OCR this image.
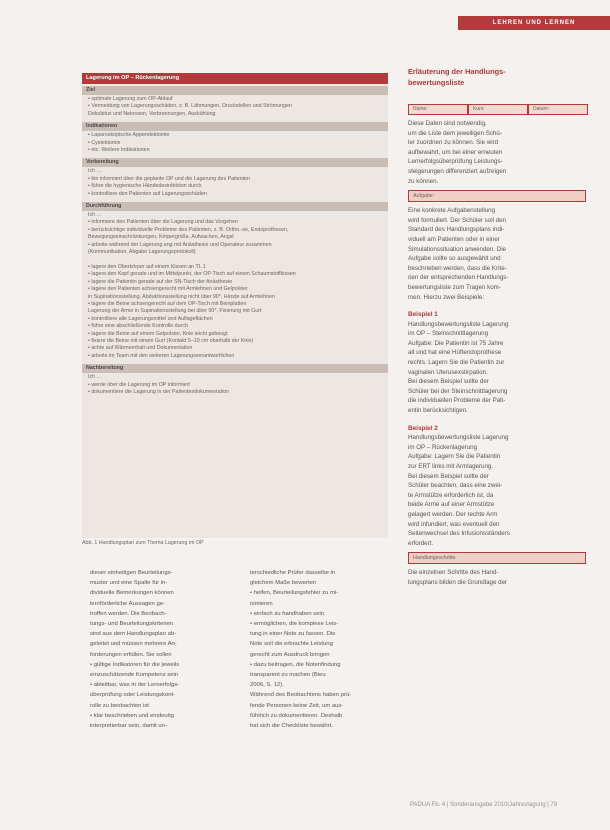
LEHREN UND LERNEN
Lagerung im OP – Rückenlagerung
Ziel
• optimale Lagerung zum OP-Ablauf
• Vermeidung von Lagerungsschäden, z. B. Lähmungen, Druckstellen und Strömungen
Dekubitus und Nekrosen, Verbrennungen, Auskühlung
Indikationen
• Laparoskopische Appendektomie
• Cystektomie
• etc. Weitere Indikationen
Vorbereitung
Ich ...
• bin informiert über die geplante OP und die Lagerung des Patienten
• führe die hygienische Händedesinfektion durch
• kontrolliere den Patienten auf Lagerungsschäden
Durchführung
Ich ...
• informiere den Patienten über die Lagerung und das Vorgehen
• berücksichtige individuelle Probleme des Patienten, z. B. Ortho.-se, Endoprothesen,
Bewegungseinschränkungen, Körpergröße, Aufwachen, Angst
• arbeite während der Lagerung eng mit Anästhesie und Operateur zusammen
(Kommunikation, Abgabe Lagerungsprotokoll)

• lagere den Oberkörper auf einem Kissen an TL 1
• lagere den Kopf gerade und im Mittelpunkt, der OP-Tisch auf einem Schaumstoffkissen
• lagere die Patientin gerade auf der SN-Tisch der Anästhesie
• lagere den Patienten achsengerecht mit Armlehnen und Gelpolster
in Supinationsstellung, Abduktionsstellung nicht über 90°, Hände auf Armlehnen
• lagere die Beine achsengerecht auf dem OP-Tisch mit Beinplatten
Lagerung der Arme in Supinationsstellung bei über 90°, Fixierung mit Gurt
• kontrolliere alle Lagerungsmittel und Auflageflächen
• führe eine abschließende Kontrolle durch
• lagere die Beine auf einem Gelpolster, Knie leicht gebeugt
• fixiere die Beine mit einem Gurt (Kontakt 5–10 cm oberhalb der Knie)
• achte auf Wärmeerhalt und Dokumentation
• arbeite im Team mit den weiteren Lagerungsverantwortlichen
Nachbereitung
Ich ...
• werde über die Lagerung im OP informiert
• dokumentiere die Lagerung in der Patientendokumentation
Abb. 1 Handlungsplan zum Thema Lagerung im OP
dieser einheitigen Beurteilungs-
muster und eine Spalte für in-
dividuelle Bemerkungen können
lernförderliche Aussagen ge-
troffen werden. Die Beobach-
tungs- und Beurteilungskriterien
sind aus dem Handlungsplan ab-
geleitet und müssen mehrere An-
forderungen erfüllen. Sie sollen
• gültige Indikatoren für die jeweils
einzuschätzende Kompetenz sein
• ableitbar, was in der Lernerfolgs-
überprüfung oder Leistungskont-
rolle zu beobachten ist
• klar beschrieben und eindeutig
interpretierbar sein, damit un-
terschiedliche Prüfer dasselbe in
gleichem Maße bewerten
• helfen, Beurteilungsfehler zu mi-
nimieren
• einfach zu handhaben sein
• ermöglichen, die komplexe Leis-
tung in einer Note zu fassen. Die
Note soll die erbrachte Leistung
gerecht zum Ausdruck bringen
• dazu beitragen, die Notenfindung
transparent zu machen (Bieu
2006, S. 12).
Während des Beobachtens haben prü-
fende Personen keine Zeit, um aus-
führlich zu dokumentieren. Deshalb
hat sich die Checkliste bewährt.
Erläuterung der Handlungs-
bewertungsliste
Name:	Kurs:	Datum:
Diese Daten sind notwendig,
um die Liste dem jeweiligen Schü-
ler zuordnen zu können. Sie wird
aufbewahrt, um bei einer erneuten
Lernerfolgsüberprüfung Leistungs-
steigerungen differenziert aufzeigen
zu können.
Aufgabe:
Eine konkrete Aufgabenstellung
wird formuliert. Der Schüler soll den
Standard des Handlungsplans indi-
viduell am Patienten oder in einer
Simulationssituation anwenden. Die
Aufgabe sollte so ausgewählt und
beschrieben werden, dass die Krite-
rien der entsprechenden Handlungs-
bewertungsliste zum Tragen kom-
men. Hierzu zwei Beispiele:
Beispiel 1
Handlungsbewertungsliste Lagerung
im OP – Steinschnittlagerung
Aufgabe: Die Patientin ist 75 Jahre
alt und hat eine Hüftendoprothese
rechts. Lagern Sie die Patientin zur
vaginalen Uterusexstirpation.
Bei diesem Beispiel sollte der
Schüler bei der Steinschnittlagerung
die individuellen Probleme der Pati-
entin berücksichtigen.
Beispiel 2
Handlungsbewertungsliste Lagerung
im OP – Rückenlagerung
Aufgabe: Lagern Sie die Patientin
zur ERT links mit Armlagerung.
Bei diesem Beispiel sollte der
Schüler beachten, dass eine zwei-
te Armstütze erforderlich ist, da
beide Arme auf einer Armstütze
gelagert werden. Der rechte Arm
wird infundiert, was eventuell den
Seitenwechsel des Infusionsständers
erfordert.
Handlungsschritte
Die einzelnen Schritte des Hand-
lungsplans bilden die Grundlage der
PADUA Fb. 4 | Sonderausgabe 2010/Jahrestagung | 79
